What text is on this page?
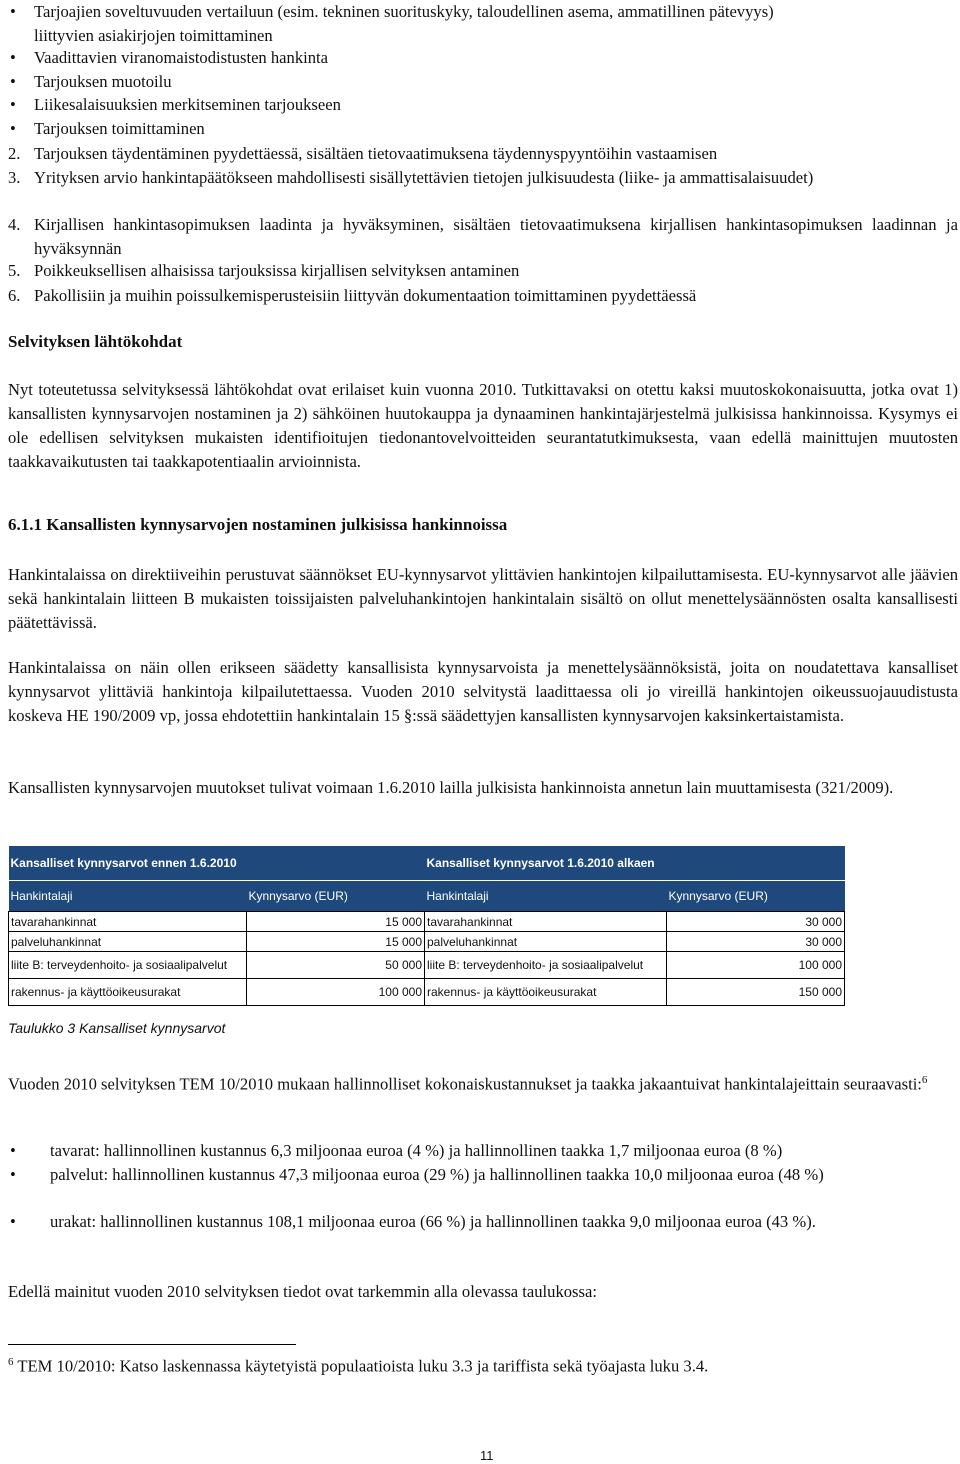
• Tarjoajien soveltuvuuden vertailuun (esim. tekninen suorituskyky, taloudellinen asema, ammatillinen pätevyys)
liittyvien asiakirjojen toimittaminen
• Vaadittavien viranomaistodistusten hankinta
• Tarjouksen muotoilu
• Liikesalaisuuksien merkitseminen tarjoukseen
• Tarjouksen toimittaminen
2. Tarjouksen täydentäminen pyydettäessä, sisältäen tietovaatimuksena täydennyspyyntöihin vastaamisen
3. Yrityksen arvio hankintapäätökseen mahdollisesti sisällytettävien tietojen julkisuudesta (liike- ja ammattisalaisuudet)
4. Kirjallisen hankintasopimuksen laadinta ja hyväksyminen, sisältäen tietovaatimuksena kirjallisen hankintasopimuksen laadinnan ja hyväksynnän
5. Poikkeuksellisen alhaisissa tarjouksissa kirjallisen selvityksen antaminen
6. Pakollisiin ja muihin poissulkemisperusteisiin liittyvän dokumentaation toimittaminen pyydettäessä
Selvityksen lähtökohdat
Nyt toteutetussa selvityksessä lähtökohdat ovat erilaiset kuin vuonna 2010. Tutkittavaksi on otettu kaksi muutoskokonaisuutta, jotka ovat 1) kansallisten kynnysarvojen nostaminen ja 2) sähköinen huutokauppa ja dynaaminen hankintajärjestelmä julkisissa hankinnoissa. Kysymys ei ole edellisen selvityksen mukaisten identifioitujen tiedonantovelvoitteiden seurantatutkimuksesta, vaan edellä mainittujen muutosten taakkavaikutusten tai taakkapotentiaalin arvioinnista.
6.1.1 Kansallisten kynnysarvojen nostaminen julkisissa hankinnoissa
Hankintalaissa on direktiiveihin perustuvat säännökset EU-kynnysarvot ylittävien hankintojen kilpailuttamisesta. EU-kynnysarvot alle jäävien sekä hankintalain liitteen B mukaisten toissijaisten palveluhankintojen hankintalain sisältö on ollut menettelysäännösten osalta kansallisesti päätettävissä.
Hankintalaissa on näin ollen erikseen säädetty kansallisista kynnysarvoista ja menettelysäännöksistä, joita on noudatettava kansalliset kynnysarvot ylittäviä hankintoja kilpailutettaessa. Vuoden 2010 selvitystä laadittaessa oli jo vireillä hankintojen oikeussuojauudistusta koskeva HE 190/2009 vp, jossa ehdotettiin hankintalain 15 §:ssä säädettyjen kansallisten kynnysarvojen kaksinkertaistamista.
Kansallisten kynnysarvojen muutokset tulivat voimaan 1.6.2010 lailla julkisista hankinnoista annetun lain muuttamisesta (321/2009).
Kansalliset kynnysarvot ennen 1.6.2010		Kansalliset kynnysarvot 1.6.2010 alkaen	
Hankintalaji	Kynnysarvo (EUR)	Hankintalaji	Kynnysarvo (EUR)
tavarahankinnat	15 000	tavarahankinnat	30 000
palveluhankinnat	15 000	palveluhankinnat	30 000
liite B: terveydenhoito- ja sosiaalipalvelut	50 000	liite B: terveydenhoito- ja sosiaalipalvelut	100 000
rakennus- ja käyttöoikeusurakat	100 000	rakennus- ja käyttöoikeusurakat	150 000
Taulukko 3 Kansalliset kynnysarvot
Vuoden 2010 selvityksen TEM 10/2010 mukaan hallinnolliset kokonaiskustannukset ja taakka jakaantuivat hankintalajeittain seuraavasti:$^6$
• tavarat: hallinnollinen kustannus 6,3 miljoonaa euroa (4 %) ja hallinnollinen taakka 1,7 miljoonaa euroa (8 %)
• palvelut: hallinnollinen kustannus 47,3 miljoonaa euroa (29 %) ja hallinnollinen taakka 10,0 miljoonaa euroa (48 %)
• urakat: hallinnollinen kustannus 108,1 miljoonaa euroa (66 %) ja hallinnollinen taakka 9,0 miljoonaa euroa (43 %).
Edellä mainitut vuoden 2010 selvityksen tiedot ovat tarkemmin alla olevassa taulukossa:
$^6$ TEM 10/2010: Katso laskennassa käytetyistä populaatioista luku 3.3 ja tariffista sekä työajasta luku 3.4.
11
